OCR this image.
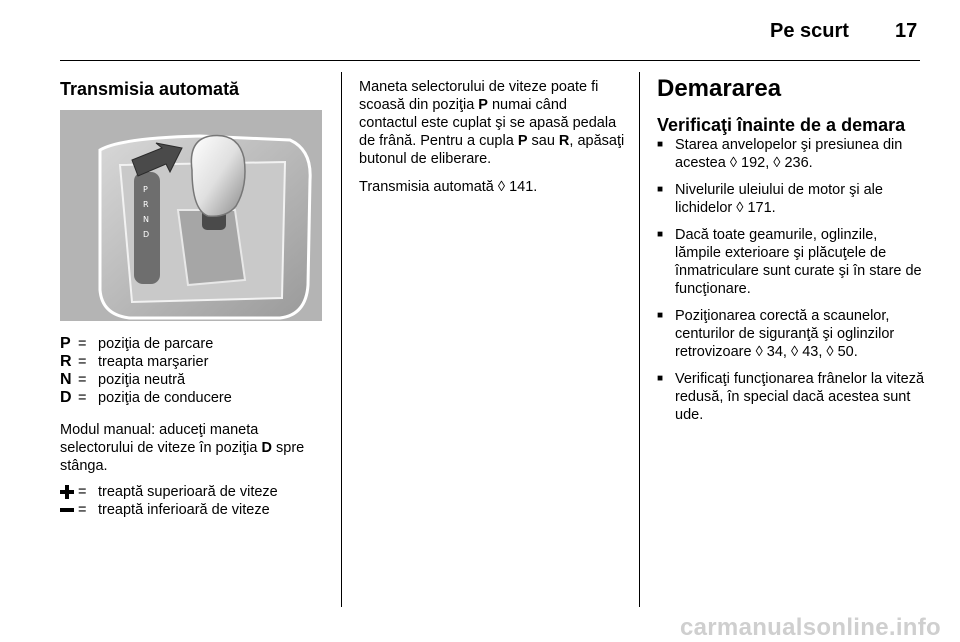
Pe scurt 17
Transmisia automată
P
R
N
D
P = poziţia de parcare
R = treapta marşarier
N = poziţia neutră
D = poziţia de conducere

Modul manual: aduceţi maneta selectorului de viteze în poziţia D spre stânga.

= treaptă superioară de viteze
= treaptă inferioară de viteze

Maneta selectorului de viteze poate fi scoasă din poziţia P numai când contactul este cuplat şi se apasă pedala de frână. Pentru a cupla P sau R, apăsaţi butonul de eliberare.

Transmisia automată ◊ 141.

Demararea
Verificaţi înainte de a demara
■ Starea anvelopelor şi presiunea din acestea ◊ 192, ◊ 236.
■ Nivelurile uleiului de motor şi ale lichidelor ◊ 171.
■ Dacă toate geamurile, oglinzile, lămpile exterioare şi plăcuţele de înmatriculare sunt curate şi în stare de funcţionare.
■ Poziţionarea corectă a scaunelor, centurilor de siguranţă şi oglinzilor retrovizoare ◊ 34, ◊ 43, ◊ 50.
■ Verificaţi funcţionarea frânelor la viteză redusă, în special dacă acestea sunt ude.
carmanualsonline.info
